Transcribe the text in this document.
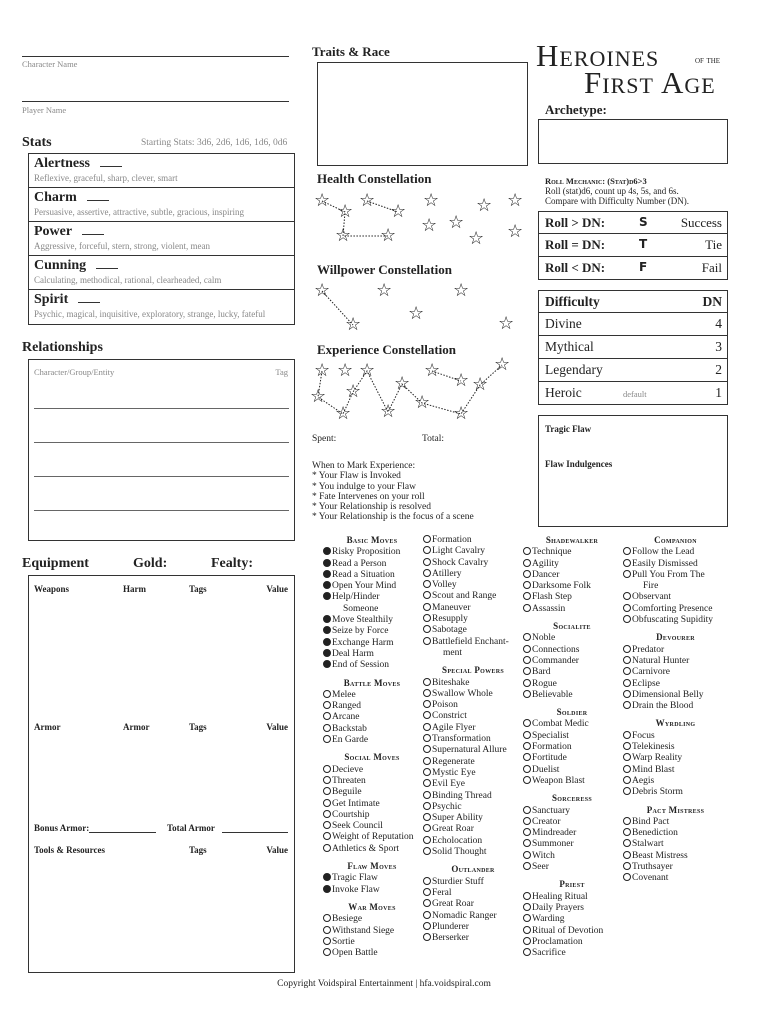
Character Name
Player Name
Stats	Starting Stats: 3d6, 2d6, 1d6, 1d6, 0d6
Alertness
Reflexive, graceful, sharp, clever, smart
Charm
Persuasive, assertive, attractive, subtle, gracious, inspiring
Power
Aggressive, forceful, stern, strong, violent, mean
Cunning
Calculating, methodical, rational, clearheaded, calm
Spirit
Psychic, magical, inquisitive, exploratory, strange, lucky, fateful
Relationships
Character/Group/Entity	Tag
Equipment	Gold:	Fealty:
Weapons	Harm	Tags	Value
Armor	Armor	Tags	Value
Bonus Armor:	Total Armor
Tools & Resources	Tags	Value
Traits & Race
Health Constellation
Willpower Constellation
Experience Constellation
☆
☆
☆
☆
☆ ☆ ☆
☆ ☆ ☆ ☆
☆ ☆
☆	☆	☆
☆
☆	☆
☆ ☆ ☆	☆ ☆
☆
☆ ☆ ☆	☆
☆ ☆ ☆
☆
Spent:	Total:
When to Mark Experience:
* Your Flaw is Invoked
* You indulge to your Flaw
* Fate Intervenes on your roll
* Your Relationship is resolved
* Your Relationship is the focus of a scene
Heroines	of the
First Age
Archetype:
Roll Mechanic: (Stat)d6>3
Roll (stat)d6, count up 4s, 5s, and 6s.
Compare with Difficulty Number (DN).
Roll > DN:	S	Success
Roll = DN:	T	Tie
Roll < DN:	F	Fail
Difficulty	DN
Divine	4
Mythical	3
Legendary	2
Heroic	1
default
Tragic Flaw
Flaw Indulgences
Basic Moves
Risky Proposition
Read a Person
Read a Situation
Open Your Mind
Help/Hinder
Someone
Move Stealthily
Seize by Force
Exchange Harm
Deal Harm
End of Session
Battle Moves
Melee
Ranged
Arcane
Backstab
En Garde
Social Moves
Decieve
Threaten
Beguile
Get Intimate
Courtship
Seek Council
Weight of Reputation
Athletics & Sport
Flaw Moves
Tragic Flaw
Invoke Flaw
War Moves
Besiege
Withstand Siege
Sortie
Open Battle
Formation
Light Cavalry
Shock Cavalry
Atillery
Volley
Scout and Range
Maneuver
Resupply
Sabotage
Battlefield Enchant-
ment
Special Powers
Biteshake
Swallow Whole
Poison
Constrict
Agile Flyer
Transformation
Supernatural Allure
Regenerate
Mystic Eye
Evil Eye
Binding Thread
Psychic
Super Ability
Great Roar
Echolocation
Solid Thought
Outlander
Sturdier Stuff
Feral
Great Roar
Nomadic Ranger
Plunderer
Berserker
Shadewalker
Technique
Agility
Dancer
Darksome Folk
Flash Step
Assassin
Socialite
Noble
Connections
Commander
Bard
Rogue
Believable
Soldier
Combat Medic
Specialist
Formation
Fortitude
Duelist
Weapon Blast
Sorceress
Sanctuary
Creator
Mindreader
Summoner
Witch
Seer
Priest
Healing Ritual
Daily Prayers
Warding
Ritual of Devotion
Proclamation
Sacrifice
Companion
Follow the Lead
Easily Dismissed
Pull You From The
Fire
Observant
Comforting Presence
Obfuscating Supidity
Devourer
Predator
Natural Hunter
Carnivore
Eclipse
Dimensional Belly
Drain the Blood
Wyrdling
Focus
Telekinesis
Warp Reality
Mind Blast
Aegis
Debris Storm
Pact Mistress
Bind Pact
Benediction
Stalwart
Beast Mistress
Truthsayer
Covenant
Copyright Voidspiral Entertainment | hfa.voidspiral.com
